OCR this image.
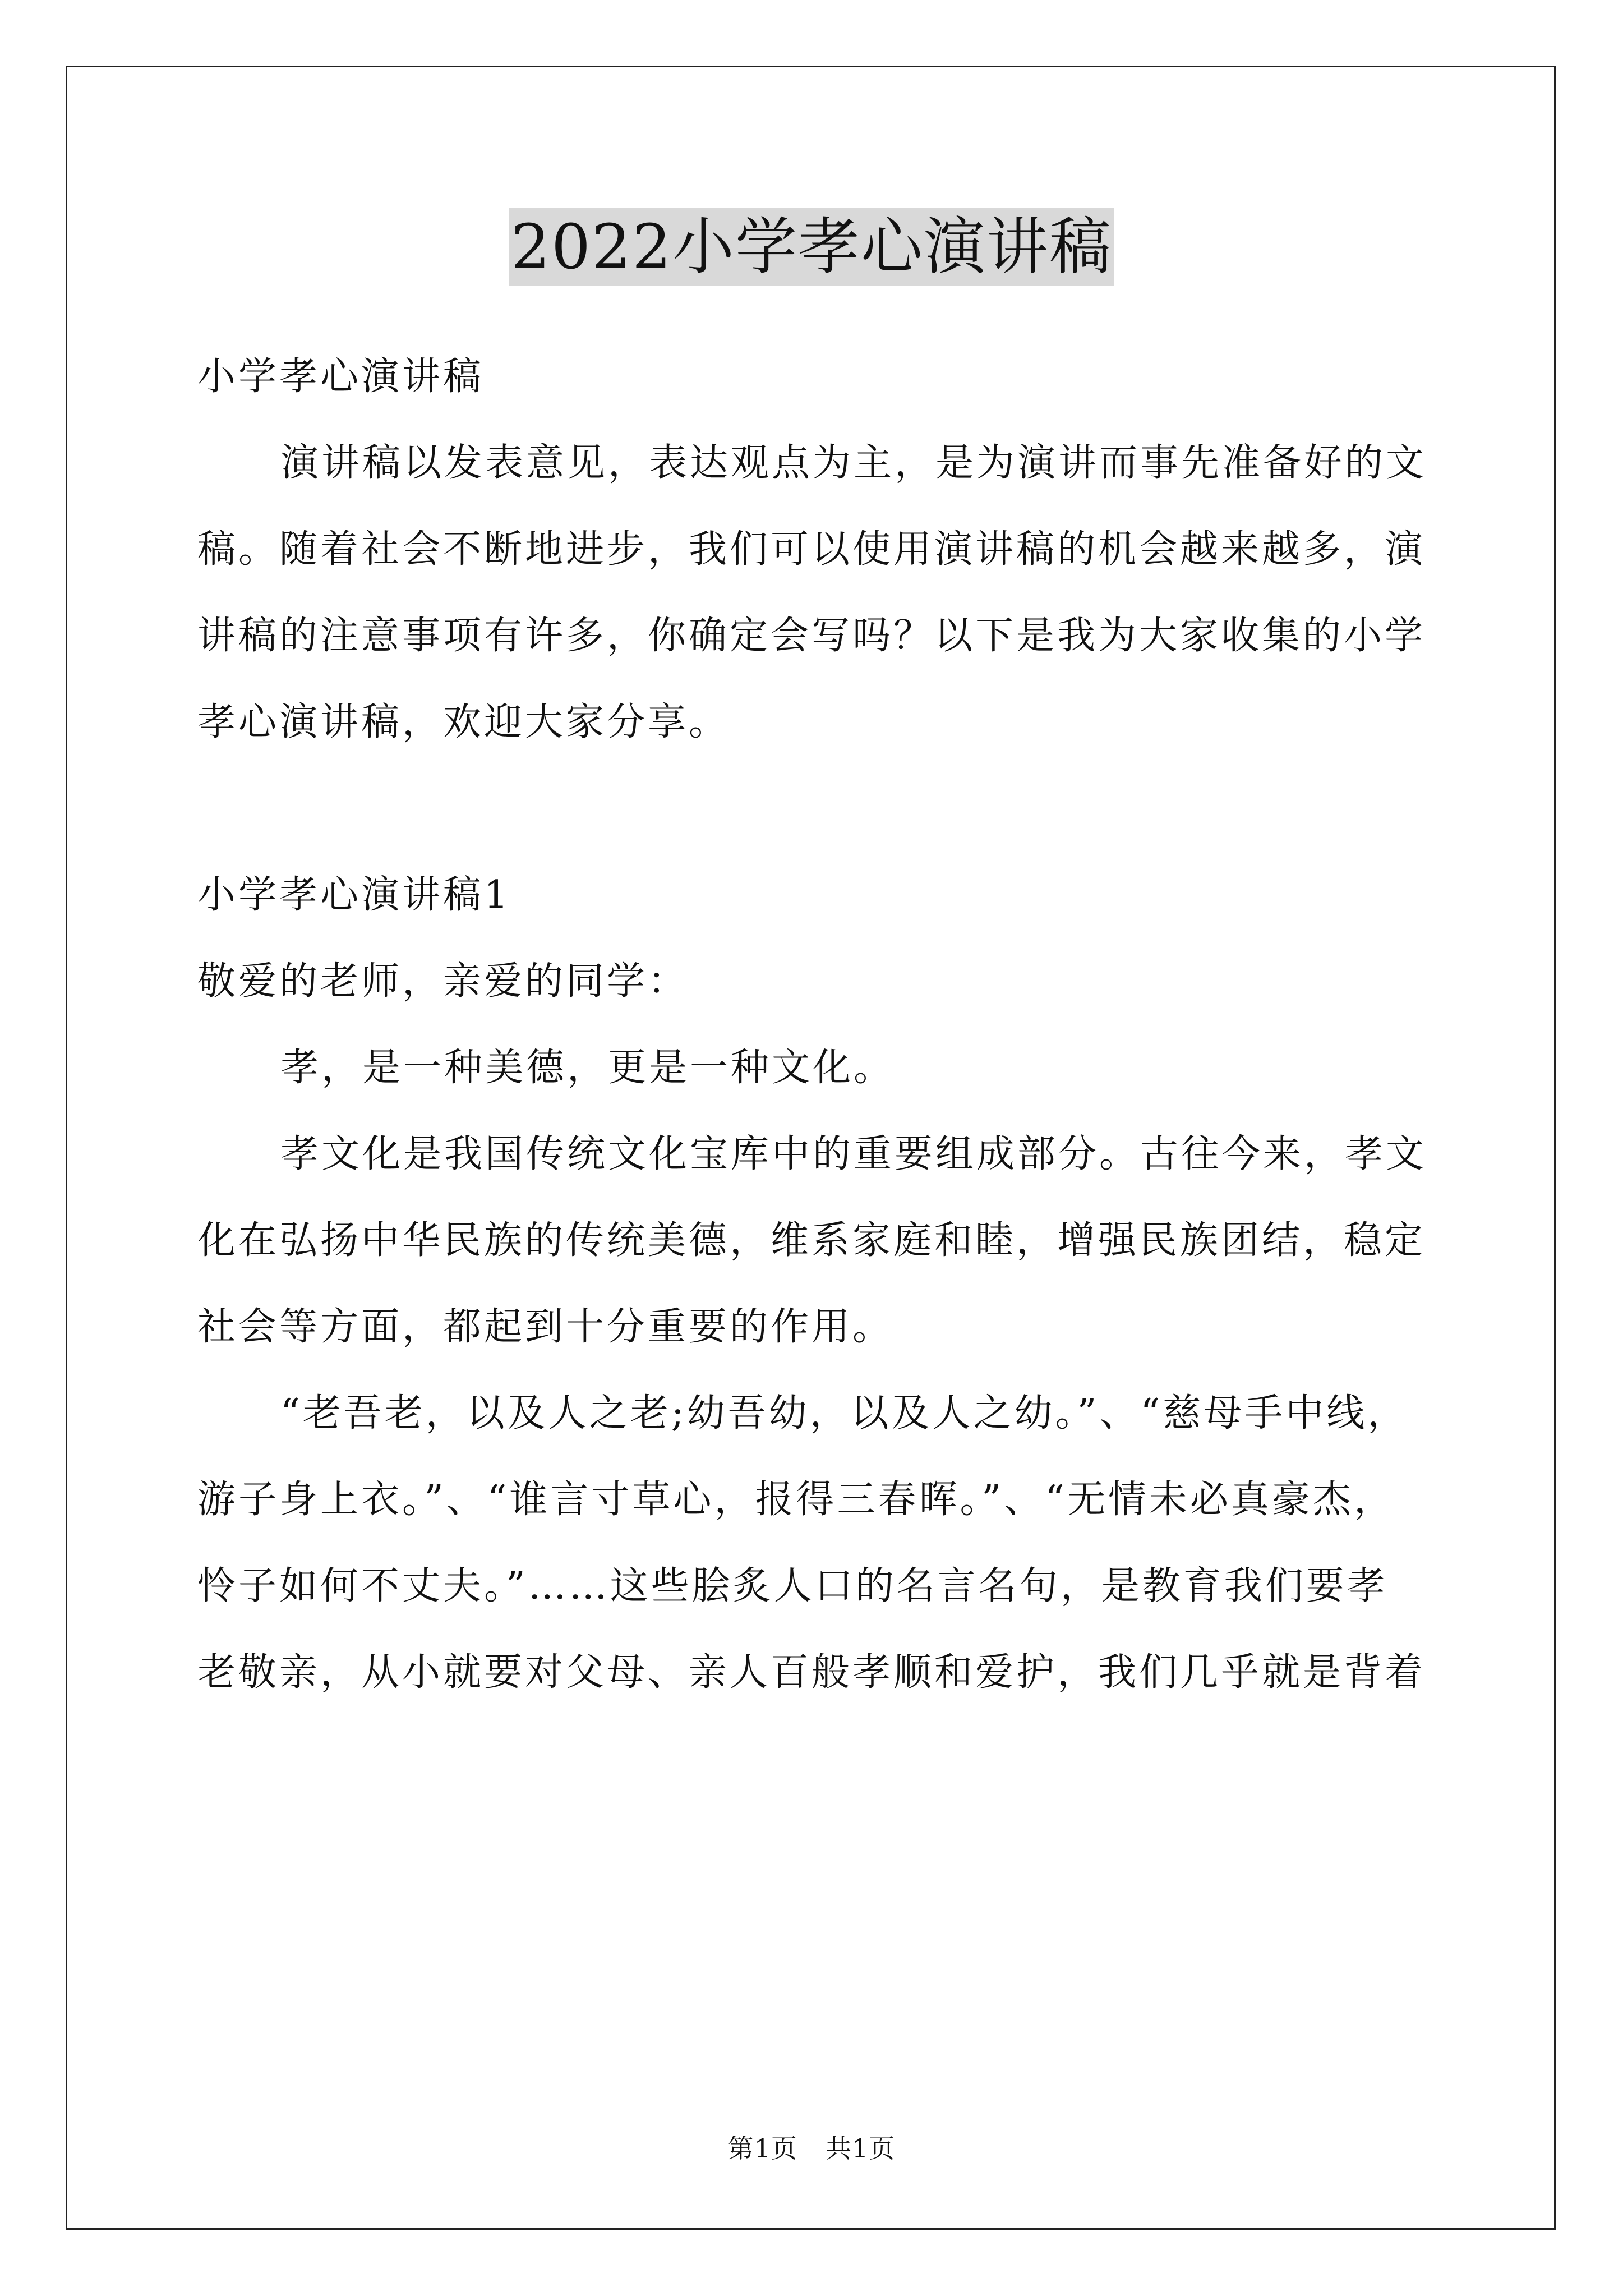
2022小学孝心演讲稿
小学孝心演讲稿
演讲稿以发表意见，表达观点为主，是为演讲而事先准备好的文
稿。随着社会不断地进步，我们可以使用演讲稿的机会越来越多，演
讲稿的注意事项有许多，你确定会写吗？以下是我为大家收集的小学
孝心演讲稿，欢迎大家分享。
小学孝心演讲稿1
敬爱的老师，亲爱的同学：
孝，是一种美德，更是一种文化。
孝文化是我国传统文化宝库中的重要组成部分。古往今来，孝文
化在弘扬中华民族的传统美德，维系家庭和睦，增强民族团结，稳定
社会等方面，都起到十分重要的作用。
“老吾老，以及人之老;幼吾幼，以及人之幼。”、“慈母手中线，
游子身上衣。”、“谁言寸草心，报得三春晖。”、“无情未必真豪杰，
怜子如何不丈夫。”……这些脍炙人口的名言名句，是教育我们要孝
老敬亲，从小就要对父母、亲人百般孝顺和爱护，我们几乎就是背着
第1页 共1页
